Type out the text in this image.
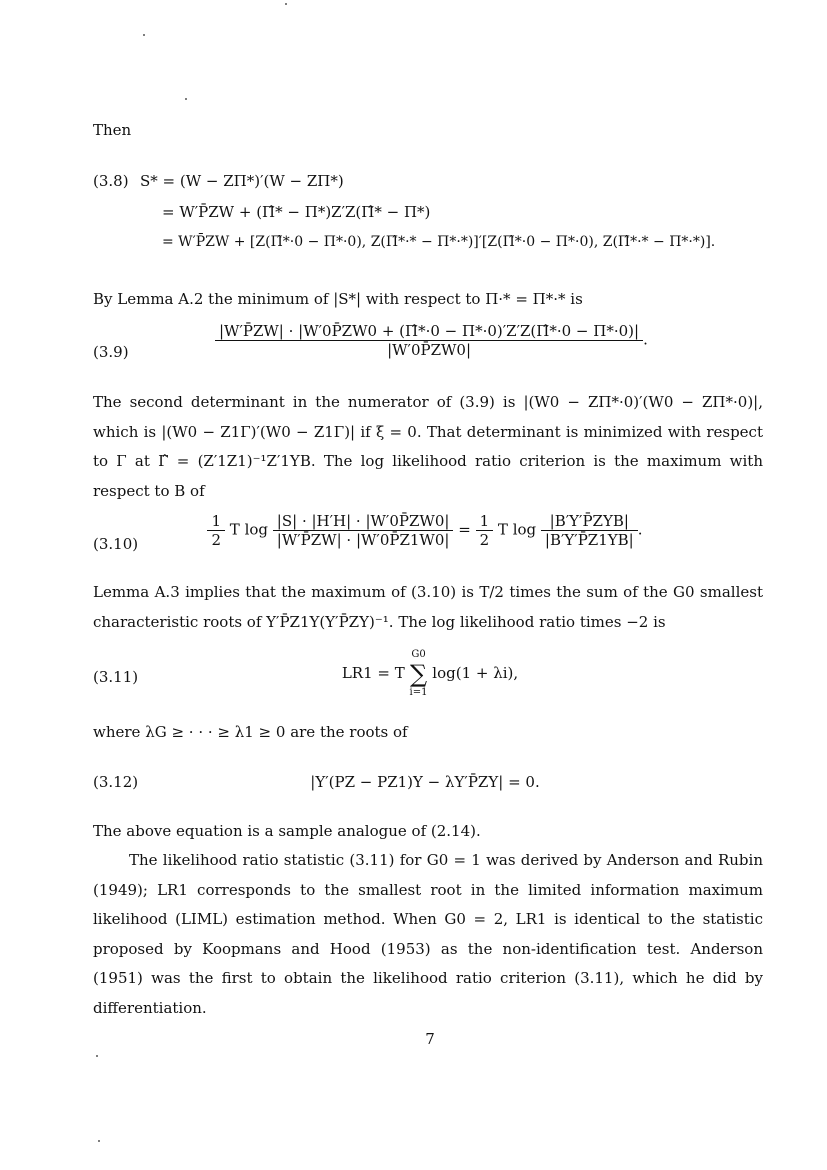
Then
(3.8) S* = (W − ZΠ*)′(W − ZΠ*)
= W′P̄ZW + (Π̂* − Π*)Z′Z(Π̂* − Π*)
= W′P̄ZW + [Z(Π̂*·0 − Π*·0), Z(Π̂*·* − Π*·*)]′[Z(Π̂*·0 − Π*·0), Z(Π̂*·* − Π*·*)].
By Lemma A.2 the minimum of |S*| with respect to Π·* = Π*·* is
(3.9)	$\frac{|W'P̄ZW| \cdot |W'0P̄ZW0 + (\Pî*\cdot 0 - \Pi*\cdot 0)'Z'Z(\Pî*\cdot 0 - \Pi*\cdot 0)|}{|W'0P̄ZW0|}$ .
The second determinant in the numerator of (3.9) is |(W0 − ZΠ*·0)′(W0 − ZΠ*·0)|, which is |(W0 − Z1Γ)′(W0 − Z1Γ)| if ξ = 0. That determinant is minimized with respect to Γ at Γ̂ = (Z′1Z1)⁻¹Z′1YB. The log likelihood ratio criterion is the maximum with respect to B of
(3.10)	$\frac{1}{2}$ T $\log \frac{|S| \cdot |H'H| \cdot |W'0P̄ZW0|}{|W'P̄ZW| \cdot |W'0P̄Z1W0|} = \frac{1}{2}$ T $\log \frac{\text{|B′Y′P̄ZYB|}}{|B'Y'P̄Z1YB|}$ .
Lemma A.3 implies that the maximum of (3.10) is T/2 times the sum of the G0 smallest characteristic roots of Y′P̄Z1Y(Y′P̄ZY)⁻¹. The log likelihood ratio times −2 is
(3.11)	LR1 = T
G0
∑
i=1
log(1 + λi),
where λG ≥ · · · ≥ λ1 ≥ 0 are the roots of
(3.12)	|Y′(PZ − PZ1)Y − λY′P̄ZY| = 0.
The above equation is a sample analogue of (2.14).
The likelihood ratio statistic (3.11) for G0 = 1 was derived by Anderson and Rubin (1949); LR1 corresponds to the smallest root in the limited information maximum likelihood (LIML) estimation method. When G0 = 2, LR1 is identical to the statistic proposed by Koopmans and Hood (1953) as the non-identification test. Anderson (1951) was the first to obtain the likelihood ratio criterion (3.11), which he did by differentiation.
7
